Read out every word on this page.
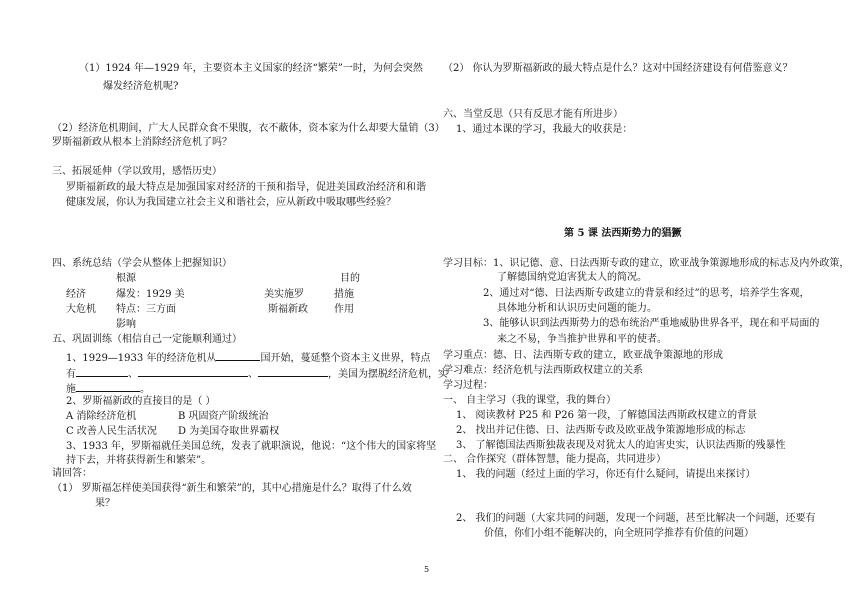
（1）1924 年—1929 年，主要资本主义国家的经济“繁荣”一时，为何会突然
爆发经济危机呢?
（2）经济危机期间，广大人民群众食不果腹，衣不蔽体，资本家为什么却要大量销（3）
罗斯福新政从根本上消除经济危机了吗？
三、拓展延伸（学以致用，感悟历史）
罗斯福新政的最大特点是加强国家对经济的干预和指导，促进美国政治经济和和谐
健康发展，你认为我国建立社会主义和谐社会，应从新政中吸取哪些经验？
四、系统总结（学会从整体上把握知识）
根源	目的
经济	爆发：1929 美	美实施罗	措施
大危机 特点：三方面	斯福新政	作用
影响
五、巩固训练（相信自己一定能顺利通过）
1、1929—1933 年的经济危机从	国开始，蔓延整个资本主义世界，特点
有	、	、	，美国为摆脱经济危机，实
施	。
2、罗斯福新政的直接目的是（ ）
A 消除经济危机	B 巩固资产阶级统治
C 改善人民生活状况 D 为美国夺取世界霸权
3、1933 年，罗斯福就任美国总统，发表了就职演说，他说：“这个伟大的国家将坚
持下去，并将获得新生和繁荣”。
请回答：
（1） 罗斯福怎样使美国获得“新生和繁荣”的，其中心措施是什么？取得了什么效
果？
（2） 你认为罗斯福新政的最大特点是什么？这对中国经济建设有何借鉴意义？
六、当堂反思（只有反思才能有所进步）
1、通过本课的学习，我最大的收获是：
第 5 课 法西斯势力的猖獗
学习目标：1、识记德、意、日法西斯专政的建立，欧亚战争策源地形成的标志及内外政策，
了解德国纳党迫害犹太人的简况。
2、通过对“德、日法西斯专政建立的背景和经过”的思考，培养学生客观，
具体地分析和认识历史问题的能力。
3、能够认识到法西斯势力的恐布统治严重地威胁世界各平，现在和平局面的
来之不易，争当推护世界和平的使者。
学习重点：德、日、法西斯专政的建立，欧亚战争策源地的形成
学习难点：经济危机与法西斯政权建立的关系
学习过程：
一、 自主学习（我的课堂，我的舞台）
1、 阅读教材 P25 和 P26 第一段，了解德国法西斯政权建立的背景
2、 找出并记住德、日、法西斯专政及欧亚战争策源地形成的标志
3、 了解德国法西斯独裁表现及对犹太人的迫害史实，认识法西斯的残暴性
二、 合作探究（群体智慧，能力提高，共同进步）
1、 我的问题（经过上面的学习，你还有什么疑问，请提出来探讨）
2、 我们的问题（大家共同的问题，发现一个问题，甚至比解决一个问题，还要有
价值，你们小组不能解决的，向全班同学推荐有价值的问题）
5
